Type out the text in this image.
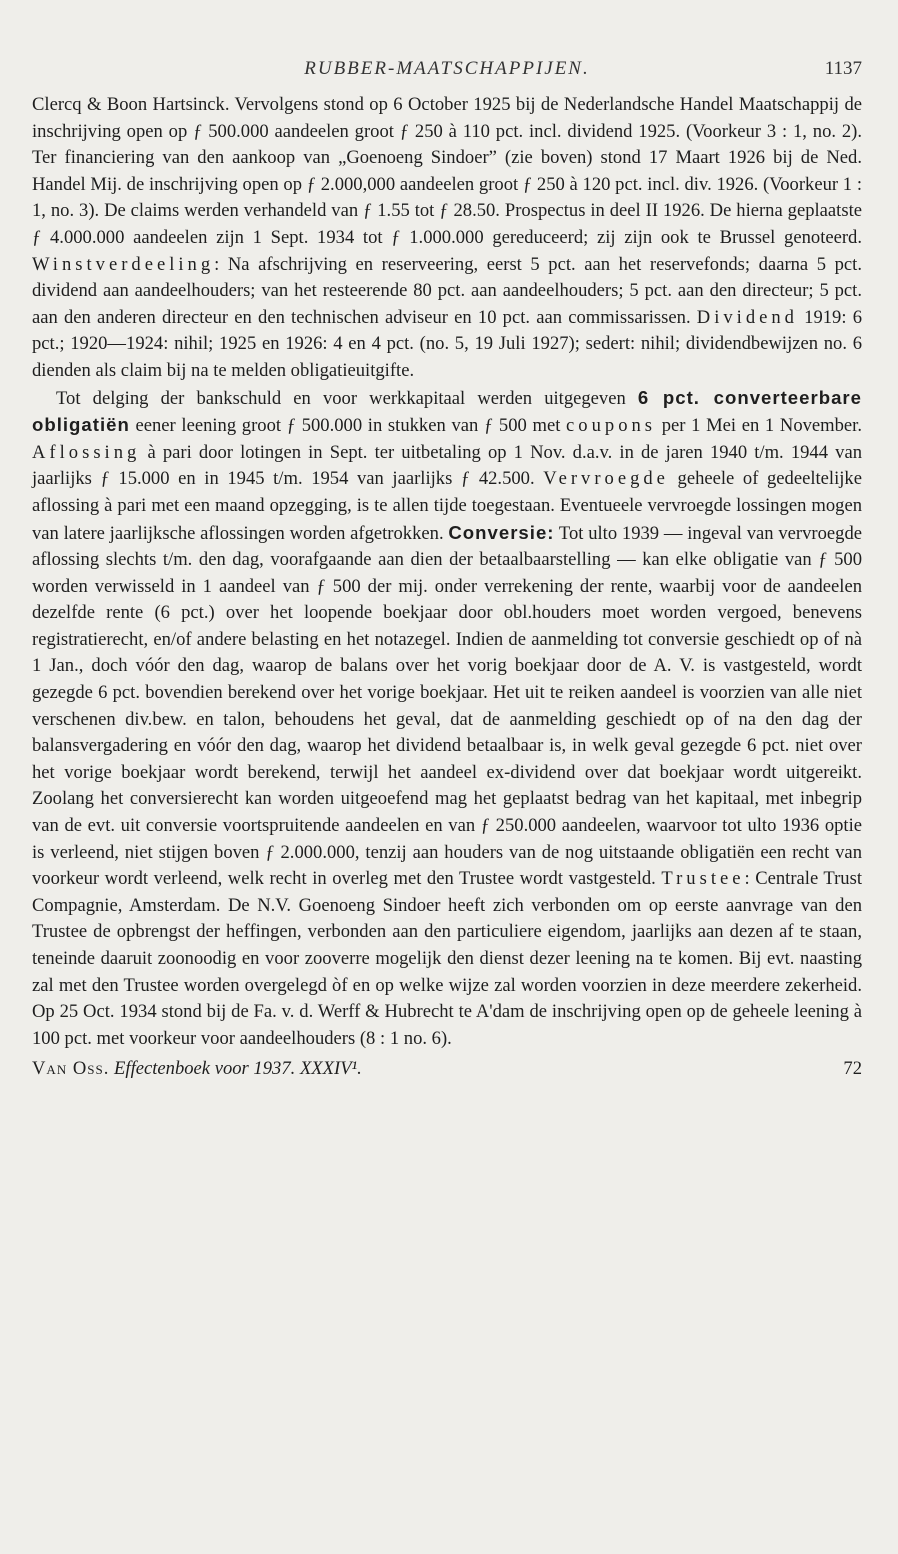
RUBBER-MAATSCHAPPIJEN.	1137

Clercq & Boon Hartsinck. Vervolgens stond op 6 October 1925 bij de Nederlandsche Handel Maatschappij de inschrijving open op ƒ 500.000 aandeelen groot ƒ 250 à 110 pct. incl. dividend 1925. (Voorkeur 3 : 1, no. 2). Ter financiering van den aankoop van „Goenoeng Sindoer” (zie boven) stond 17 Maart 1926 bij de Ned. Handel Mij. de inschrijving open op ƒ 2.000,000 aandeelen groot ƒ 250 à 120 pct. incl. div. 1926. (Voorkeur 1 : 1, no. 3). De claims werden verhandeld van ƒ 1.55 tot ƒ 28.50. Prospectus in deel II 1926. De hierna geplaatste ƒ 4.000.000 aandeelen zijn 1 Sept. 1934 tot ƒ 1.000.000 gereduceerd; zij zijn ook te Brussel genoteerd. Winstverdeeling: Na afschrijving en reserveering, eerst 5 pct. aan het reservefonds; daarna 5 pct. dividend aan aandeelhouders; van het resteerende 80 pct. aan aandeelhouders; 5 pct. aan den directeur; 5 pct. aan den anderen directeur en den technischen adviseur en 10 pct. aan commissarissen. Dividend 1919: 6 pct.; 1920—1924: nihil; 1925 en 1926: 4 en 4 pct. (no. 5, 19 Juli 1927); sedert: nihil; dividendbewijzen no. 6 dienden als claim bij na te melden obligatieuitgifte.

Tot delging der bankschuld en voor werkkapitaal werden uitgegeven 6 pct. converteerbare obligatiën eener leening groot ƒ 500.000 in stukken van ƒ 500 met coupons per 1 Mei en 1 November. Aflossing à pari door lotingen in Sept. ter uitbetaling op 1 Nov. d.a.v. in de jaren 1940 t/m. 1944 van jaarlijks ƒ 15.000 en in 1945 t/m. 1954 van jaarlijks ƒ 42.500. Vervroegde geheele of gedeeltelijke aflossing à pari met een maand opzegging, is te allen tijde toegestaan. Eventueele vervroegde lossingen mogen van latere jaarlijksche aflossingen worden afgetrokken. Conversie: Tot ulto 1939 — ingeval van vervroegde aflossing slechts t/m. den dag, voorafgaande aan dien der betaalbaarstelling — kan elke obligatie van ƒ 500 worden verwisseld in 1 aandeel van ƒ 500 der mij. onder verrekening der rente, waarbij voor de aandeelen dezelfde rente (6 pct.) over het loopende boekjaar door obl.houders moet worden vergoed, benevens registratierecht, en/of andere belasting en het notazegel. Indien de aanmelding tot conversie geschiedt op of nà 1 Jan., doch vóór den dag, waarop de balans over het vorig boekjaar door de A. V. is vastgesteld, wordt gezegde 6 pct. bovendien berekend over het vorige boekjaar. Het uit te reiken aandeel is voorzien van alle niet verschenen div.bew. en talon, behoudens het geval, dat de aanmelding geschiedt op of na den dag der balansvergadering en vóór den dag, waarop het dividend betaalbaar is, in welk geval gezegde 6 pct. niet over het vorige boekjaar wordt berekend, terwijl het aandeel ex-dividend over dat boekjaar wordt uitgereikt. Zoolang het conversierecht kan worden uitgeoefend mag het geplaatst bedrag van het kapitaal, met inbegrip van de evt. uit conversie voortspruitende aandeelen en van ƒ 250.000 aandeelen, waarvoor tot ulto 1936 optie is verleend, niet stijgen boven ƒ 2.000.000, tenzij aan houders van de nog uitstaande obligatiën een recht van voorkeur wordt verleend, welk recht in overleg met den Trustee wordt vastgesteld. Trustee: Centrale Trust Compagnie, Amsterdam. De N.V. Goenoeng Sindoer heeft zich verbonden om op eerste aanvrage van den Trustee de opbrengst der heffingen, verbonden aan den particuliere eigendom, jaarlijks aan dezen af te staan, teneinde daaruit zoonoodig en voor zooverre mogelijk den dienst dezer leening na te komen. Bij evt. naasting zal met den Trustee worden overgelegd òf en op welke wijze zal worden voorzien in deze meerdere zekerheid. Op 25 Oct. 1934 stond bij de Fa. v. d. Werff & Hubrecht te A'dam de inschrijving open op de geheele leening à 100 pct. met voorkeur voor aandeelhouders (8 : 1 no. 6).

Van Oss. Effectenboek voor 1937. XXXIV¹.	72
